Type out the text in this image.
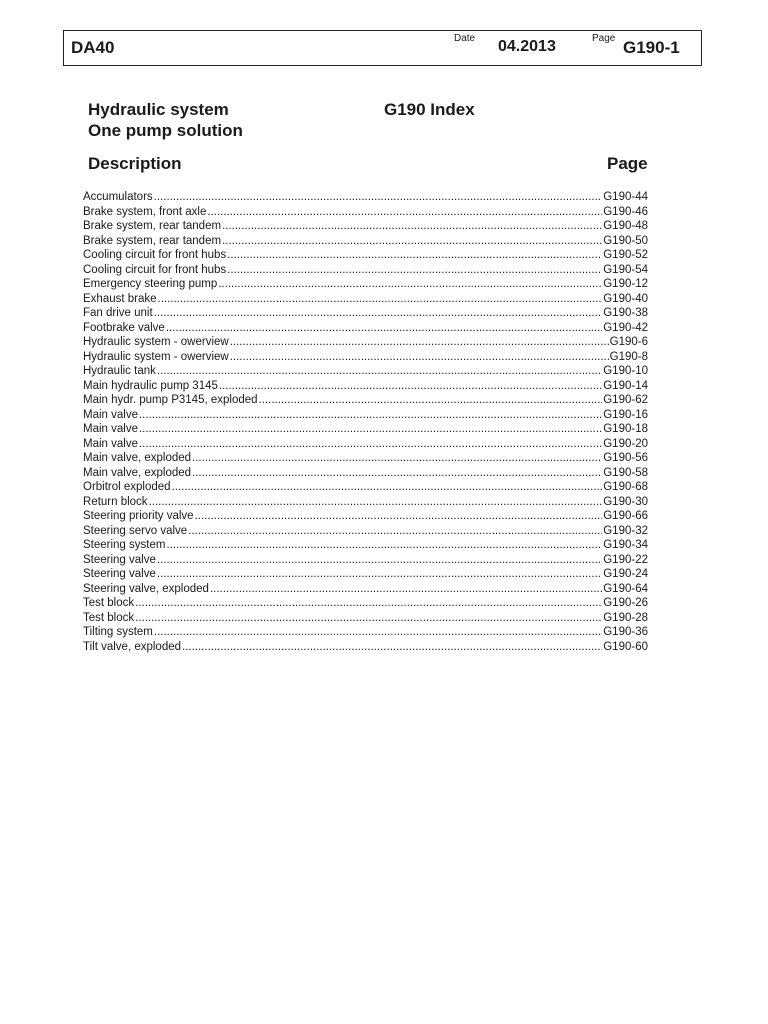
DA40	Date 04.2013	Page G190-1
Hydraulic system
One pump solution
G190 Index
Description	Page
Accumulators .....	G190-44
Brake system, front axle .....	G190-46
Brake system, rear tandem .....	G190-48
Brake system, rear tandem .....	G190-50
Cooling circuit for front hubs .....	G190-52
Cooling circuit for front hubs .....	G190-54
Emergency steering pump .....	G190-12
Exhaust brake .....	G190-40
Fan drive unit .....	G190-38
Footbrake valve .....	G190-42
Hydraulic system - owerview .....	G190-6
Hydraulic system - owerview .....	G190-8
Hydraulic tank .....	G190-10
Main hydraulic pump 3145 .....	G190-14
Main hydr. pump P3145, exploded .....	G190-62
Main valve .....	G190-16
Main valve .....	G190-18
Main valve .....	G190-20
Main valve, exploded .....	G190-56
Main valve, exploded .....	G190-58
Orbitrol exploded .....	G190-68
Return block .....	G190-30
Steering priority valve .....	G190-66
Steering servo valve .....	G190-32
Steering system .....	G190-34
Steering valve .....	G190-22
Steering valve .....	G190-24
Steering valve, exploded .....	G190-64
Test block .....	G190-26
Test block .....	G190-28
Tilting system .....	G190-36
Tilt valve, exploded .....	G190-60
